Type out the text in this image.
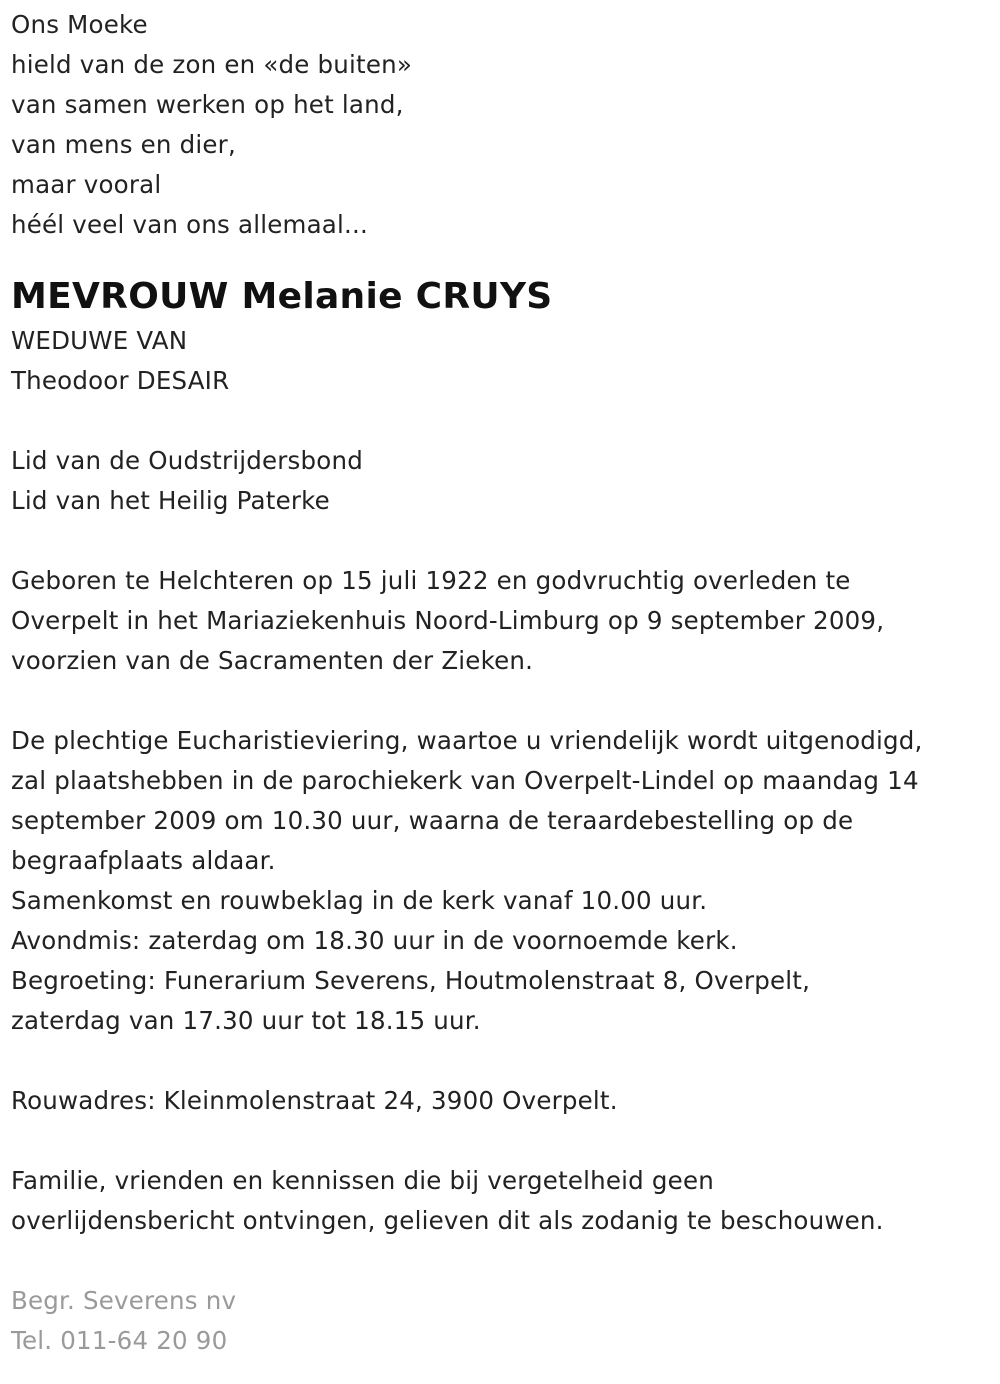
Ons Moeke
hield van de zon en «de buiten»
van samen werken op het land,
van mens en dier,
maar vooral
héél veel van ons allemaal...
MEVROUW Melanie CRUYS
WEDUWE VAN
Theodoor DESAIR
Lid van de Oudstrijdersbond
Lid van het Heilig Paterke
Geboren te Helchteren op 15 juli 1922 en godvruchtig overleden te
Overpelt in het Mariaziekenhuis Noord-Limburg op 9 september 2009,
voorzien van de Sacramenten der Zieken.
De plechtige Eucharistieviering, waartoe u vriendelijk wordt uitgenodigd,
zal plaatshebben in de parochiekerk van Overpelt-Lindel op maandag 14
september 2009 om 10.30 uur, waarna de teraardebestelling op de
begraafplaats aldaar.
Samenkomst en rouwbeklag in de kerk vanaf 10.00 uur.
Avondmis: zaterdag om 18.30 uur in de voornoemde kerk.
Begroeting: Funerarium Severens, Houtmolenstraat 8, Overpelt,
zaterdag van 17.30 uur tot 18.15 uur.
Rouwadres: Kleinmolenstraat 24, 3900 Overpelt.
Familie, vrienden en kennissen die bij vergetelheid geen
overlijdensbericht ontvingen, gelieven dit als zodanig te beschouwen.
Begr. Severens nv
Tel. 011-64 20 90
